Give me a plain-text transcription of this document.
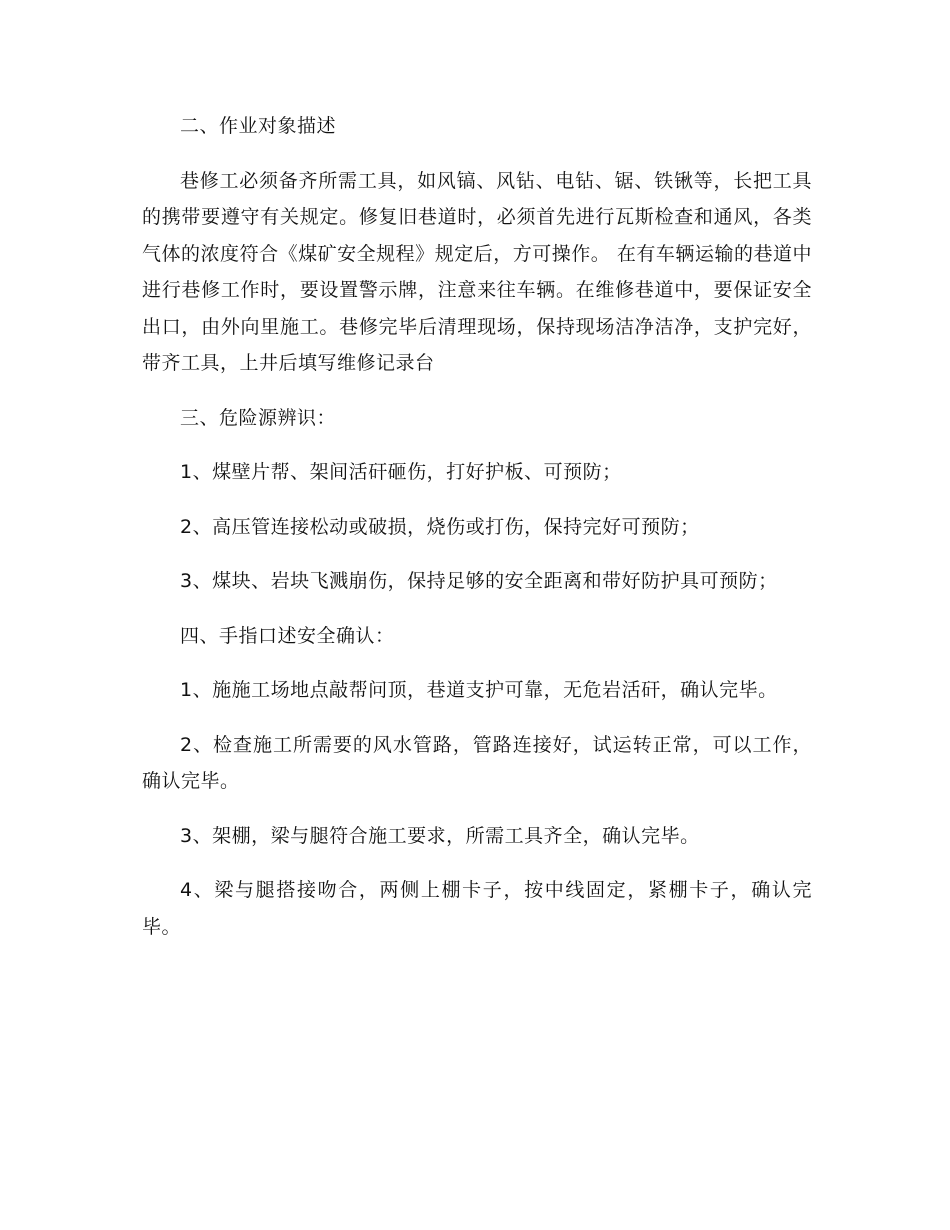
二、作业对象描述

巷修工必须备齐所需工具，如风镐、风钻、电钻、锯、铁锹等，长把工具的携带要遵守有关规定。修复旧巷道时，必须首先进行瓦斯检查和通风，各类气体的浓度符合《煤矿安全规程》规定后，方可操作。 在有车辆运输的巷道中进行巷修工作时，要设置警示牌，注意来往车辆。在维修巷道中，要保证安全出口，由外向里施工。巷修完毕后清理现场，保持现场洁净洁净，支护完好，带齐工具，上井后填写维修记录台

三、危险源辨识：

1、煤壁片帮、架间活矸砸伤，打好护板、可预防；

2、高压管连接松动或破损，烧伤或打伤，保持完好可预防；

3、煤块、岩块飞溅崩伤，保持足够的安全距离和带好防护具可预防；

四、手指口述安全确认：

1、施施工场地点敲帮问顶，巷道支护可靠，无危岩活矸，确认完毕。

2、检查施工所需要的风水管路，管路连接好，试运转正常，可以工作，确认完毕。

3、架棚，梁与腿符合施工要求，所需工具齐全，确认完毕。

4、梁与腿搭接吻合，两侧上棚卡子，按中线固定，紧棚卡子，确认完毕。
